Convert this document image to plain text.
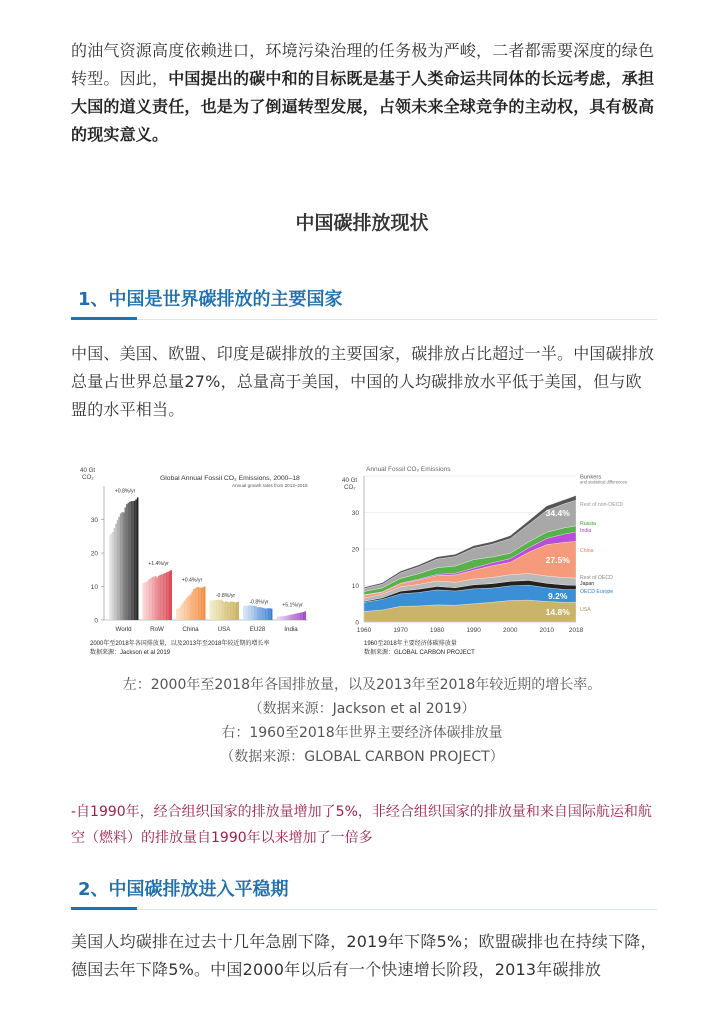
的油气资源高度依赖进口，环境污染治理的任务极为严峻，二者都需要深度的绿色转型。因此，中国提出的碳中和的目标既是基于人类命运共同体的长远考虑，承担大国的道义责任，也是为了倒逼转型发展，占领未来全球竞争的主动权，具有极高的现实意义。

中国碳排放现状
1、中国是世界碳排放的主要国家

中国、美国、欧盟、印度是碳排放的主要国家，碳排放占比超过一半。中国碳排放总量占世界总量27%，总量高于美国，中国的人均碳排放水平低于美国，但与欧盟的水平相当。

0
10
20
30
40 Gt
CO₂	Global Annual Fossil CO₂ Emissions, 2000–18
Annual growth rates from 2013–2018
World
+0.8%/yr
RoW
+1.4%/yr
China
+0.4%/yr
USA
-0.8%/yr
EU28
-0.8%/yr
India
+5.1%/yr
2000年至2018年各国排放量，以及2013年至2018年较近期的增长率
数据来源：Jackson et al 2019
0
10
20
30
40 Gt
CO₂
Annual Fossil CO₂ Emissions
1960	1970	1980	1990	2000	2010 2018
34.4%
27.5%
9.2%
14.8%
Bunkers
and statistical differences
Rest of non-OECD
Russia
India
China
Rest of OECD
Japan
OECD Europe
USA
1960至2018年主要经济体碳排放量
数据来源：GLOBAL CARBON PROJECT
左：2000年至2018年各国排放量，以及2013年至2018年较近期的增长率。
（数据来源：Jackson et al 2019）
右：1960至2018年世界主要经济体碳排放量
（数据来源：GLOBAL CARBON PROJECT）

-自1990年，经合组织国家的排放量增加了5%，非经合组织国家的排放量和来自国际航运和航空（燃料）的排放量自1990年以来增加了一倍多

2、中国碳排放进入平稳期

美国人均碳排在过去十几年急剧下降，2019年下降5%；欧盟碳排也在持续下降，德国去年下降5%。中国2000年以后有一个快速增长阶段，2013年碳排放
